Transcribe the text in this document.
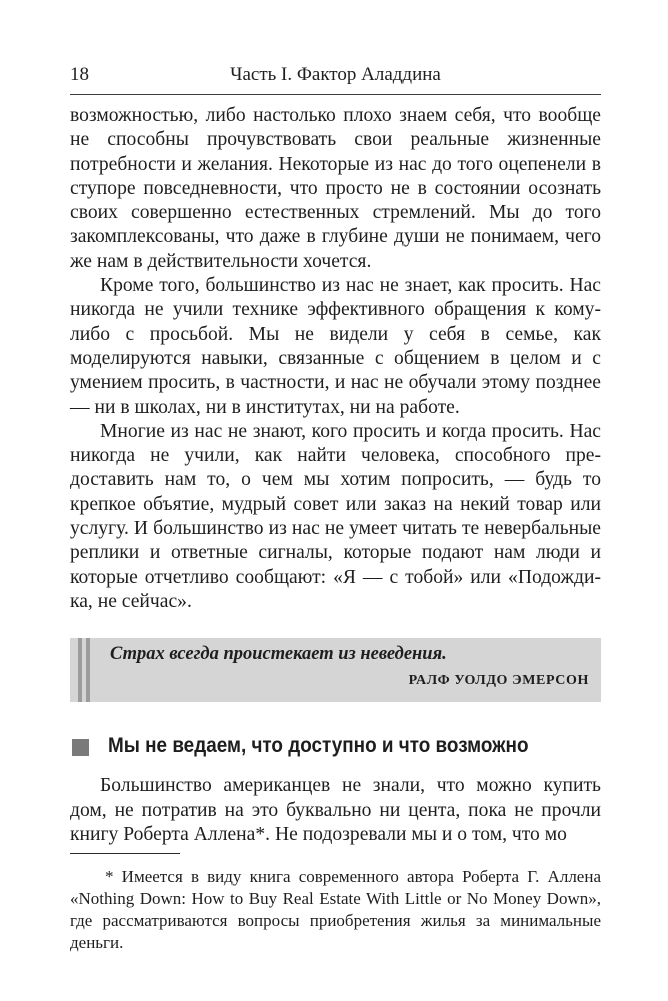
18	Часть I. Фактор Аладдина

возможностью, либо настолько плохо знаем себя, что вообще не способны прочувствовать свои реальные жизненные потребности и желания. Некоторые из нас до того оцепенели в ступоре повседневности, что просто не в состоянии осознать своих совершенно естественных стремлений. Мы до того закомплексованы, что даже в глубине души не понимаем, чего же нам в действительности хочется.

Кроме того, большинство из нас не знает, как просить. Нас никогда не учили технике эффективного обращения к кому-либо с просьбой. Мы не видели у себя в семье, как моделируются навыки, связанные с общением в целом и с умением просить, в частности, и нас не обучали этому позднее — ни в школах, ни в институтах, ни на работе.

Многие из нас не знают, кого просить и когда просить. Нас никогда не учили, как найти человека, способного предоставить нам то, о чем мы хотим попросить, — будь то крепкое объятие, мудрый совет или заказ на некий товар или услугу. И большинство из нас не умеет читать те невербальные реплики и ответные сигналы, которые подают нам люди и которые отчетливо сообщают: «Я — с тобой» или «Подожди-ка, не сейчас».

Страх всегда проистекает из неведения.
РАЛФ УОЛДО ЭМЕРСОН
Мы не ведаем, что доступно и что возможно

Большинство американцев не знали, что можно купить дом, не потратив на это буквально ни цента, пока не прочли книгу Роберта Аллена*. Не подозревали мы и о том, что мо

* Имеется в виду книга современного автора Роберта Г. Аллена «Nothing Down: How to Buy Real Estate With Little or No Money Down», где рассматриваются вопросы приобретения жилья за минимальные деньги.
